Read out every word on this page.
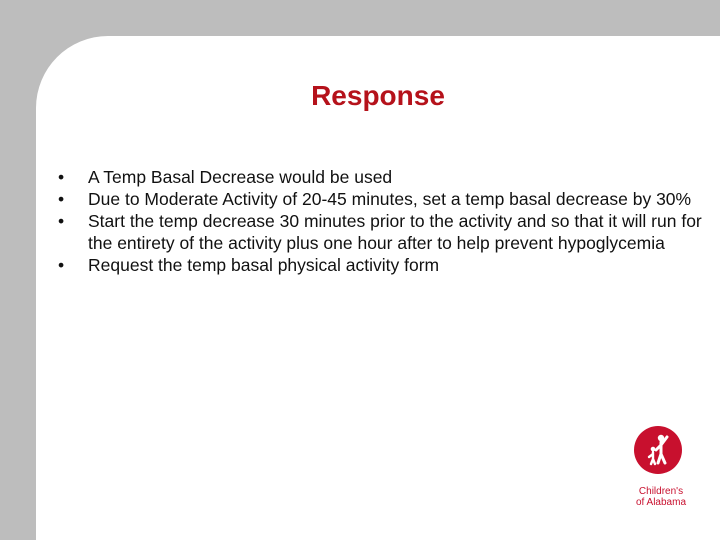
Response
• A Temp Basal Decrease would be used
• Due to Moderate Activity of 20-45 minutes, set a temp basal decrease by 30%
• Start the temp decrease 30 minutes prior to the activity and so that it will run for the entirety of the activity plus one hour after to help prevent hypoglycemia
• Request the temp basal physical activity form
Children's
of Alabama
